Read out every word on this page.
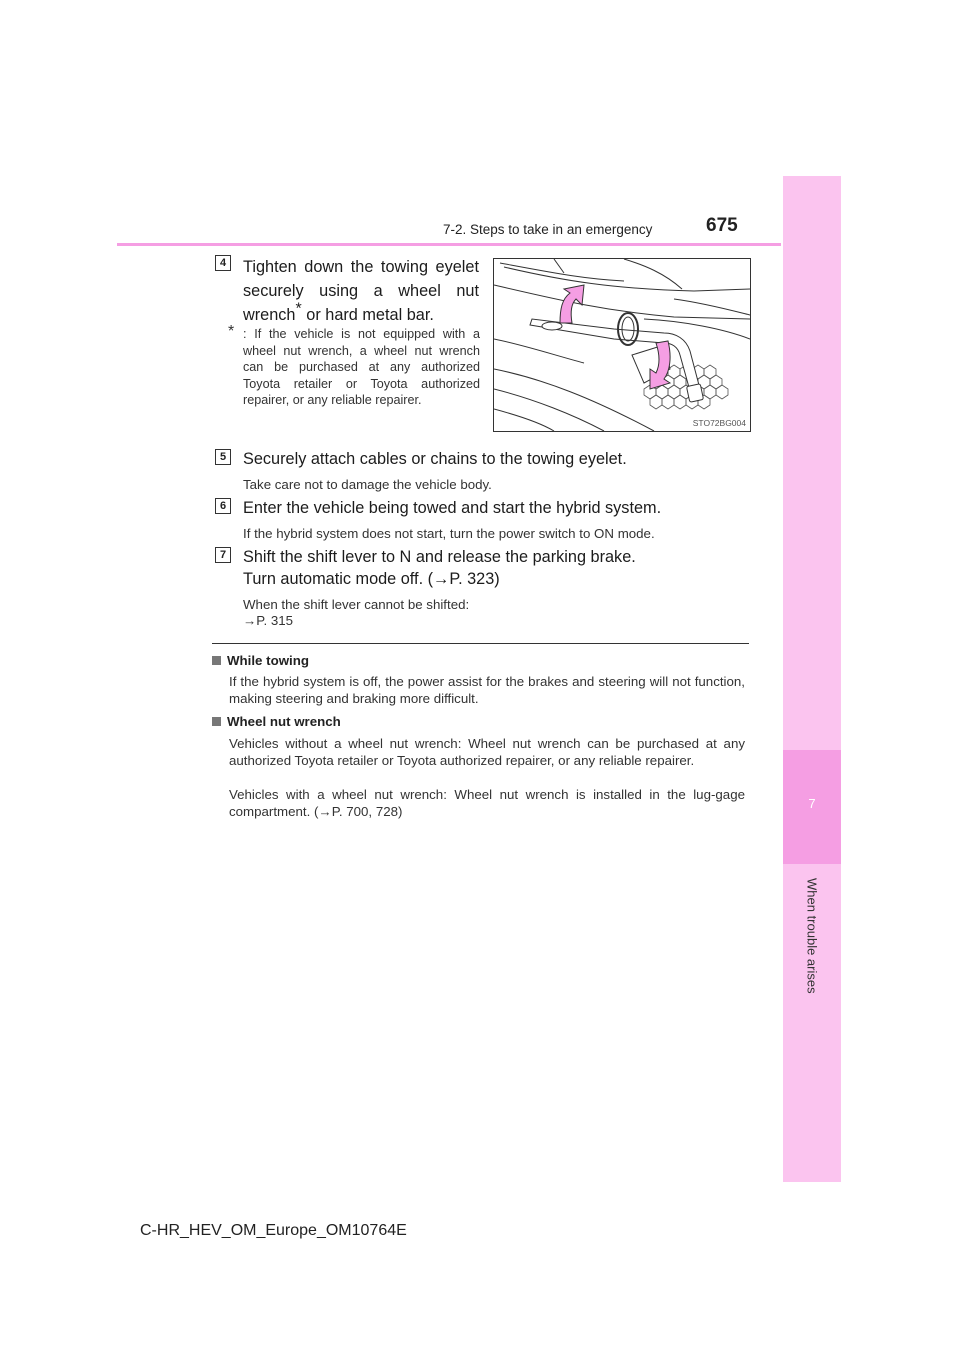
7
When trouble arises
7-2. Steps to take in an emergency	675
4	Tighten down the towing eyelet securely using a wheel nut wrench* or hard metal bar.
* : If the vehicle is not equipped with a wheel nut wrench, a wheel nut wrench can be purchased at any authorized Toyota retailer or Toyota authorized repairer, or any reliable repairer.
STO72BG004
5	Securely attach cables or chains to the towing eyelet.
Take care not to damage the vehicle body.
6	Enter the vehicle being towed and start the hybrid system.
If the hybrid system does not start, turn the power switch to ON mode.
7	Shift the shift lever to N and release the parking brake.
Turn automatic mode off. (→P. 323)
When the shift lever cannot be shifted:
→P. 315
While towing
If the hybrid system is off, the power assist for the brakes and steering will not function, making steering and braking more difficult.
Wheel nut wrench
Vehicles without a wheel nut wrench: Wheel nut wrench can be purchased at any authorized Toyota retailer or Toyota authorized repairer, or any reliable repairer.
Vehicles with a wheel nut wrench: Wheel nut wrench is installed in the lug-gage compartment. (→P. 700, 728)
C-HR_HEV_OM_Europe_OM10764E
